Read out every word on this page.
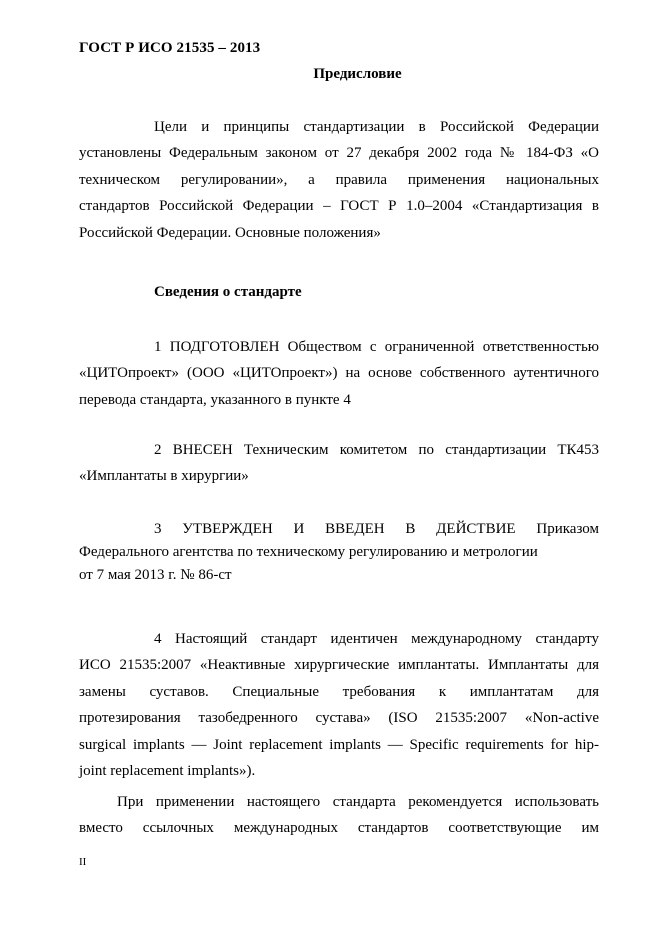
ГОСТ Р ИСО 21535 – 2013
Предисловие
Цели и принципы стандартизации в Российской Федерации
установлены Федеральным законом от 27 декабря 2002 года № 184-ФЗ «О
техническом регулировании», а правила применения национальных
стандартов Российской Федерации – ГОСТ Р 1.0–2004 «Стандартизация в
Российской Федерации. Основные положения»
Сведения о стандарте
1 ПОДГОТОВЛЕН Обществом с ограниченной ответственностью
«ЦИТОпроект» (ООО «ЦИТОпроект») на основе собственного аутентичного
перевода стандарта, указанного в пункте 4
2 ВНЕСЕН Техническим комитетом по стандартизации ТК453
«Имплантаты в хирургии»
3 УТВЕРЖДЕН И ВВЕДЕН В ДЕЙСТВИЕ Приказом
Федерального агентства по техническому регулированию и метрологии
от 7 мая 2013 г. № 86-ст
4 Настоящий стандарт идентичен международному стандарту
ИСО 21535:2007 «Неактивные хирургические имплантаты. Имплантаты для
замены суставов. Специальные требования к имплантатам для
протезирования тазобедренного сустава» (ISO 21535:2007 «Non-active
surgical implants — Joint replacement implants — Specific requirements for hip-
joint replacement implants»).
При применении настоящего стандарта рекомендуется использовать
вместо ссылочных международных стандартов соответствующие им
II
